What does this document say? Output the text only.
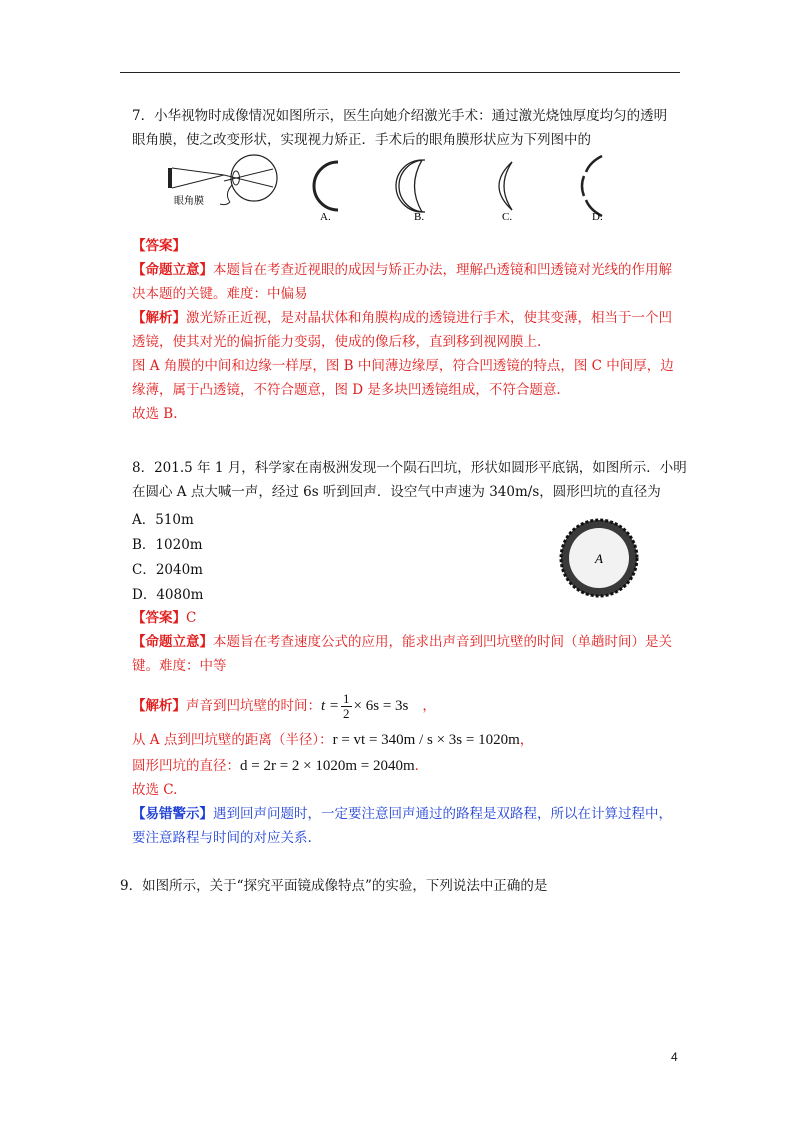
7．小华视物时成像情况如图所示，医生向她介绍激光手术：通过激光烧蚀厚度均匀的透明
眼角膜，使之改变形状，实现视力矫正．手术后的眼角膜形状应为下列图中的
眼角膜
A.	B.	C.	D.
【答案】
【命题立意】本题旨在考查近视眼的成因与矫正办法，理解凸透镜和凹透镜对光线的作用解
决本题的关键。难度：中偏易
【解析】激光矫正近视，是对晶状体和角膜构成的透镜进行手术，使其变薄，相当于一个凹
透镜，使其对光的偏折能力变弱，使成的像后移，直到移到视网膜上.
图 A 角膜的中间和边缘一样厚，图 B 中间薄边缘厚，符合凹透镜的特点，图 C 中间厚，边
缘薄，属于凸透镜，不符合题意，图 D 是多块凹透镜组成，不符合题意.
故选 B.
8．201.5 年 1 月，科学家在南极洲发现一个陨石凹坑，形状如圆形平底锅，如图所示．小明
在圆心 A 点大喊一声，经过 6s 听到回声．设空气中声速为 340m/s，圆形凹坑的直径为
A．510m
B．1020m
C．2040m
D．4080m
A
【答案】C
【命题立意】本题旨在考查速度公式的应用，能求出声音到凹坑壁的时间（单趟时间）是关
键。难度：中等
【解析】声音到凹坑壁的时间：$t = \frac{1}{2} \times 6s = 3s$ ，
从 A 点到凹坑壁的距离（半径）：r = vt = 340m / s × 3s = 1020m，
圆形凹坑的直径：d = 2r = 2 × 1020m = 2040m．
故选 C.
【易错警示】遇到回声问题时，一定要注意回声通过的路程是双路程，所以在计算过程中，
要注意路程与时间的对应关系.
9．如图所示，关于“探究平面镜成像特点”的实验，下列说法中正确的是
4
